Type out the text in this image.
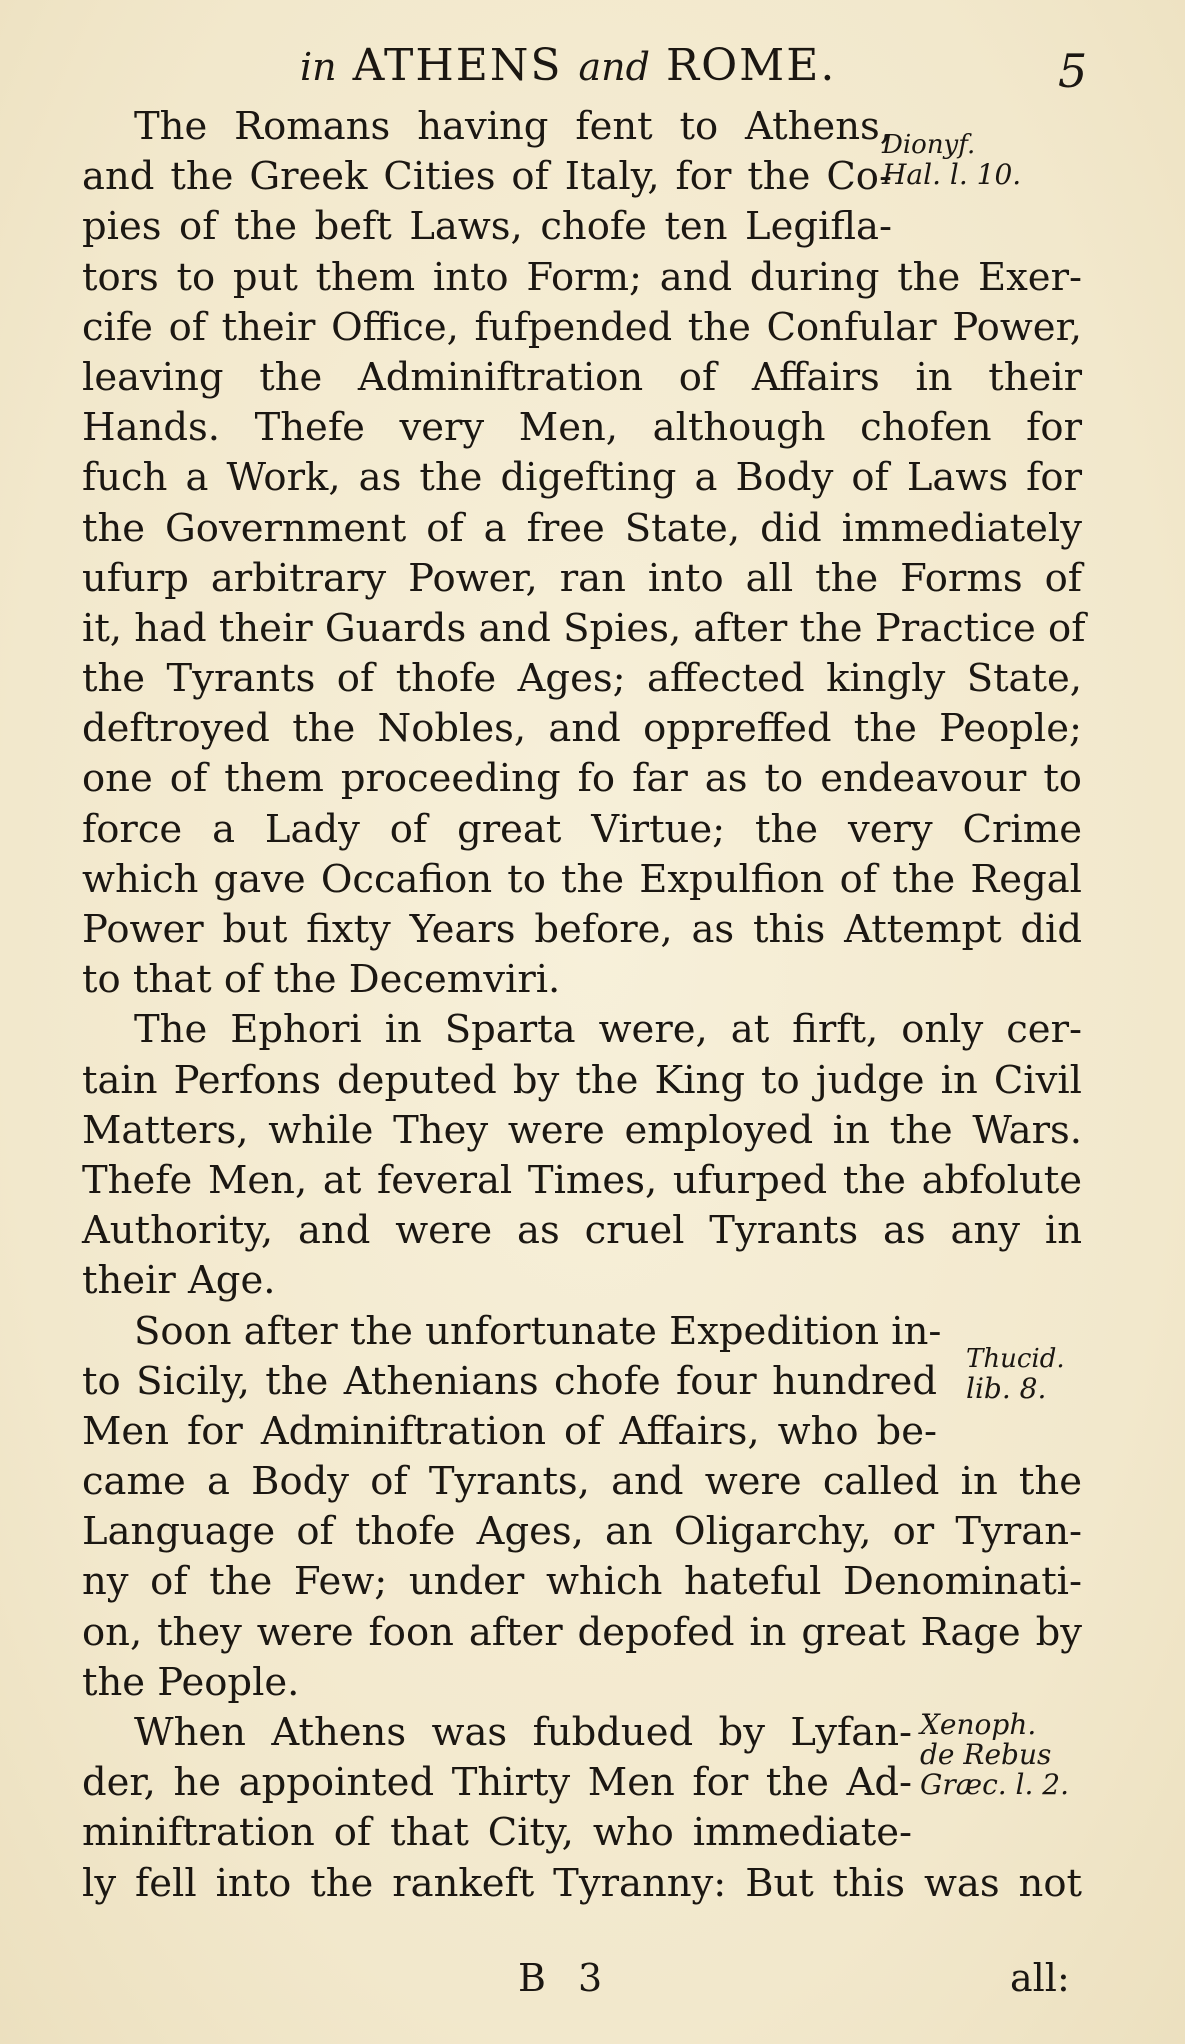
in ATHENS and ROME.	5
Dionyf.
Hal. l. 10.
Thucid.
lib. 8.
Xenoph.
de Rebus
Græc. l. 2.
The Romans having fent to Athens,
and the Greek Cities of Italy, for the Co-
pies of the beft Laws, chofe ten Legifla-
tors to put them into Form; and during the Exer-
cife of their Office, fufpended the Confular Power,
leaving the Adminiftration of Affairs in their
Hands. Thefe very Men, although chofen for
fuch a Work, as the digefting a Body of Laws for
the Government of a free State, did immediately
ufurp arbitrary Power, ran into all the Forms of
it, had their Guards and Spies, after the Practice of
the Tyrants of thofe Ages; affected kingly State,
deftroyed the Nobles, and oppreffed the People;
one of them proceeding fo far as to endeavour to
force a Lady of great Virtue; the very Crime
which gave Occafion to the Expulfion of the Regal
Power but fixty Years before, as this Attempt did
to that of the Decemviri.
The Ephori in Sparta were, at firft, only cer-
tain Perfons deputed by the King to judge in Civil
Matters, while They were employed in the Wars.
Thefe Men, at feveral Times, ufurped the abfolute
Authority, and were as cruel Tyrants as any in
their Age.
Soon after the unfortunate Expedition in-
to Sicily, the Athenians chofe four hundred
Men for Adminiftration of Affairs, who be-
came a Body of Tyrants, and were called in the
Language of thofe Ages, an Oligarchy, or Tyran-
ny of the Few; under which hateful Denominati-
on, they were foon after depofed in great Rage by
the People.
When Athens was fubdued by Lyfan-
der, he appointed Thirty Men for the Ad-
miniftration of that City, who immediate-
ly fell into the rankeft Tyranny: But this was not
B 3	all:
